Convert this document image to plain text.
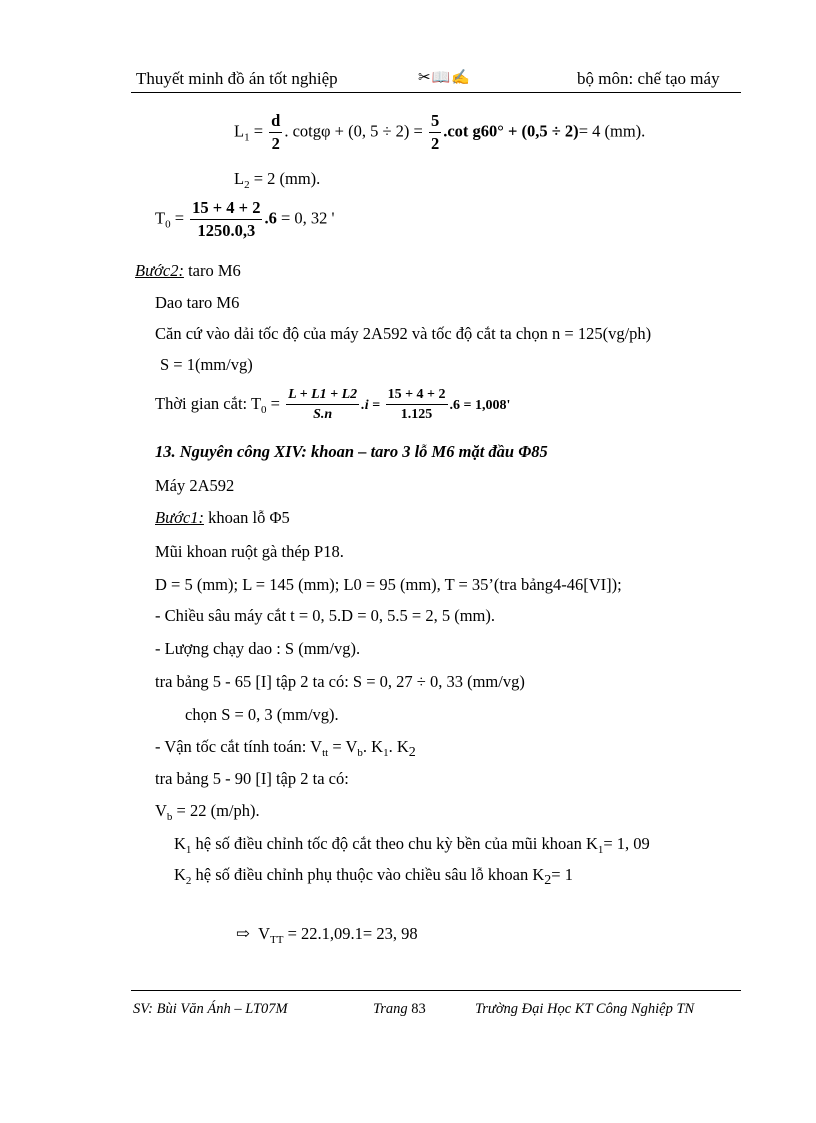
Thuyết minh đồ án tốt nghiệp	✂📖✍	bộ môn: chế tạo máy
$L_1 = \frac{d}{2}$ . cotgφ + (0, $5 \div 2) = \frac{5}{2} .\cot$ g60° + (0,5 ÷ 2)= 4 (mm).
$L_2 = 2$ (mm).
$T_0 = \frac{15 + 4 + 2}{1250.0,3} .6 = 0$, 32 '
Bước2: taro M6
Dao taro M6
Căn cứ vào dải tốc độ của máy 2A592 và tốc độ cắt ta chọn n = 125(vg/ph)
S = 1(mm/vg)
Thời gian cắt: $T_0 = \frac{L + L1 + L2}{S.n} .i = \frac{15 + 4 + 2}{1.125} .6 = 1,008'$
13. Nguyên công XIV: khoan – taro 3 lỗ M6 mặt đầu Φ85
Máy 2A592
Bước1: khoan lỗ Φ5
Mũi khoan ruột gà thép P18.
D = 5 (mm); L = 145 (mm); L0 = 95 (mm), T = 35’(tra bảng4-46[VI]);
- Chiều sâu máy cắt t = 0, 5.D = 0, 5.5 = 2, 5 (mm).
- Lượng chạy dao : S (mm/vg).
tra bảng 5 - 65 [I] tập 2 ta có: S = 0, 27 ÷ 0, 33 (mm/vg)
chọn S = 0, 3 (mm/vg).
- Vận tốc cắt tính toán: $V_{tt} = V_b$. $K_1$. $K_2$
tra bảng 5 - 90 [I] tập 2 ta có:
$V_b = 22$ (m/ph).
$K_1$ hệ số điều chỉnh tốc độ cắt theo chu kỳ bền của mũi khoan $K_1= 1$, 09
$K_2$ hệ số điều chỉnh phụ thuộc vào chiều sâu lỗ khoan $K_2= 1$
⇨ $V_{TT} = 22.1,09.1= 23$, 98
SV: Bùi Văn Ánh – LT07M	Trang 83	Trường Đại Học KT Công Nghiệp TN
